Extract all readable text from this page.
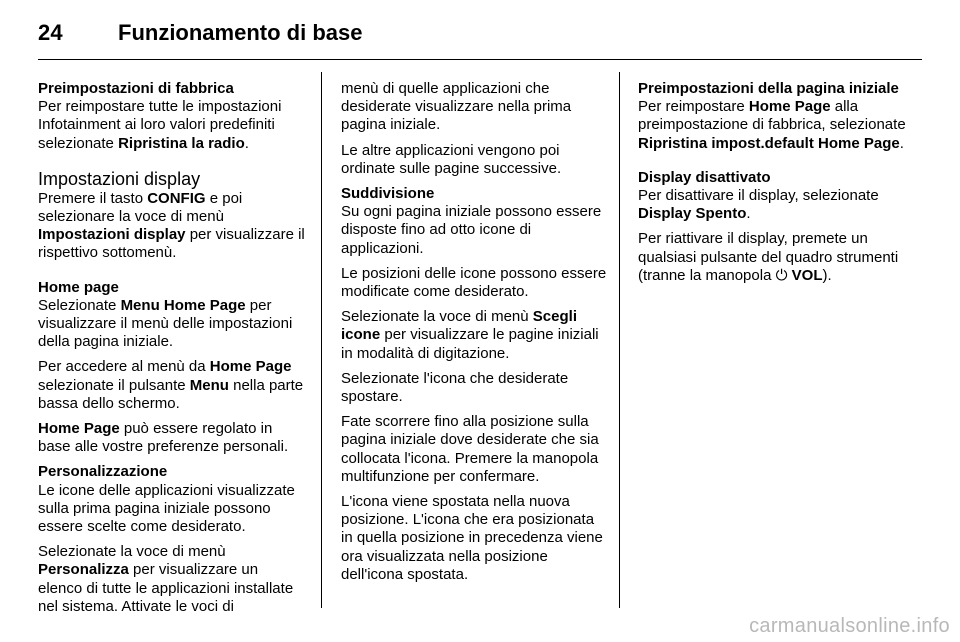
24	Funzionamento di base
Preimpostazioni di fabbrica
Per reimpostare tutte le impostazioni Infotainment ai loro valori predefiniti selezionate Ripristina la radio.
Impostazioni display
Premere il tasto CONFIG e poi selezionare la voce di menù Impostazioni display per visualizzare il rispettivo sottomenù.
Home page
Selezionate Menu Home Page per visualizzare il menù delle impostazioni della pagina iniziale.

Per accedere al menù da Home Page selezionate il pulsante Menu nella parte bassa dello schermo.

Home Page può essere regolato in base alle vostre preferenze personali.

Personalizzazione
Le icone delle applicazioni visualizzate sulla prima pagina iniziale possono essere scelte come desiderato.

Selezionate la voce di menù Personalizza per visualizzare un elenco di tutte le applicazioni installate nel sistema. Attivate le voci di

menù di quelle applicazioni che desiderate visualizzare nella prima pagina iniziale.

Le altre applicazioni vengono poi ordinate sulle pagine successive.

Suddivisione
Su ogni pagina iniziale possono essere disposte fino ad otto icone di applicazioni.

Le posizioni delle icone possono essere modificate come desiderato.

Selezionate la voce di menù Scegli icone per visualizzare le pagine iniziali in modalità di digitazione.

Selezionate l'icona che desiderate spostare.

Fate scorrere fino alla posizione sulla pagina iniziale dove desiderate che sia collocata l'icona. Premere la manopola multifunzione per confermare.

L'icona viene spostata nella nuova posizione. L'icona che era posizionata in quella posizione in precedenza viene ora visualizzata nella posizione dell'icona spostata.

Preimpostazioni della pagina iniziale
Per reimpostare Home Page alla preimpostazione di fabbrica, selezionate Ripristina impost.default Home Page.
Display disattivato
Per disattivare il display, selezionate Display Spento.

Per riattivare il display, premete un qualsiasi pulsante del quadro strumenti (tranne la manopola ⏻ VOL).

carmanualsonline.info
